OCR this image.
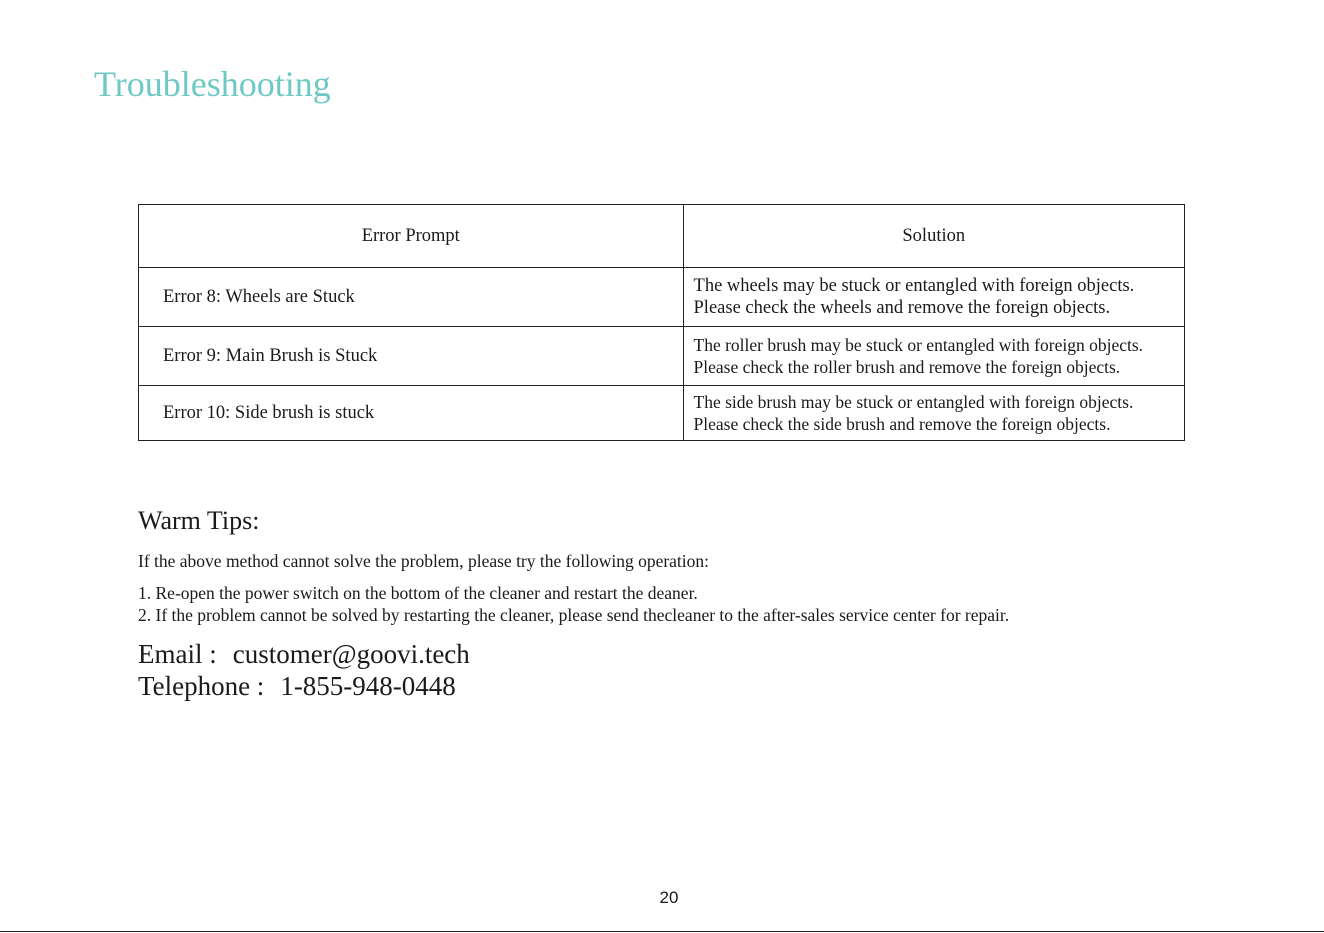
Troubleshooting
Error Prompt	Solution
Error 8: Wheels are Stuck	The wheels may be stuck or entangled with foreign objects.
Please check the wheels and remove the foreign objects.

Error 9: Main Brush is Stuck	The roller brush may be stuck or entangled with foreign objects.
Please check the roller brush and remove the foreign objects.

Error 10: Side brush is stuck	The side brush may be stuck or entangled with foreign objects.
Please check the side brush and remove the foreign objects.
Warm Tips:

If the above method cannot solve the problem, please try the following operation:

1. Re-open the power switch on the bottom of the cleaner and restart the deaner.

2. If the problem cannot be solved by restarting the cleaner, please send thecleaner to the after-sales service center for repair.

Email : customer@goovi.tech

Telephone : 1-855-948-0448

20
